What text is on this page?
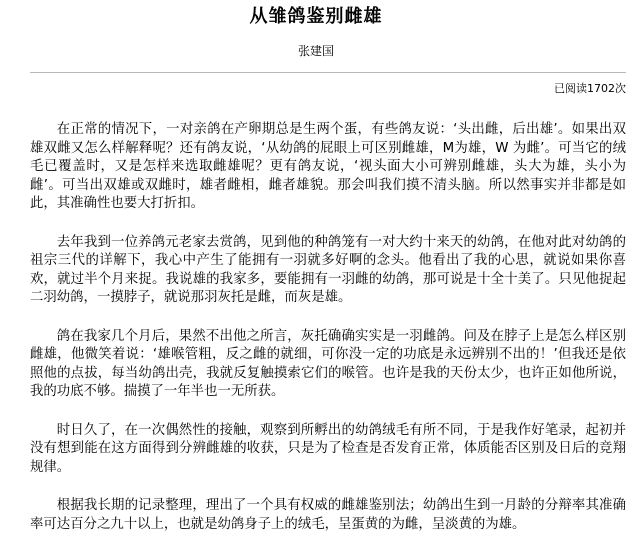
从雏鸽鉴别雌雄
张建国
已阅读1702次

在正常的情况下，一对亲鸽在产卵期总是生两个蛋，有些鸽友说：‘头出雌，后出雄’。如果出双雄双雌又怎么样解释呢？还有鸽友说，‘从幼鸽的屁眼上可区别雌雄，M为雄，W 为雌’。可当它的绒毛已覆盖时，又是怎样来选取雌雄呢？更有鸽友说，‘视头面大小可辨别雌雄，头大为雄，头小为雌’。可当出双雄或双雌时，雄者雌相，雌者雄貌。那会叫我们摸不清头脑。所以然事实并非都是如此，其准确性也要大打折扣。

去年我到一位养鸽元老家去赏鸽，见到他的种鸽笼有一对大约十来天的幼鸽，在他对此对幼鸽的祖宗三代的详解下，我心中产生了能拥有一羽就多好啊的念头。他看出了我的心思，就说如果你喜欢，就过半个月来捉。我说雄的我家多，要能拥有一羽雌的幼鸽，那可说是十全十美了。只见他捉起二羽幼鸽，一摸脖子，就说那羽灰托是雌，而灰是雄。

鸽在我家几个月后，果然不出他之所言，灰托确确实实是一羽雌鸽。问及在脖子上是怎么样区别雌雄，他微笑着说：‘雄喉管粗，反之雌的就细，可你没一定的功底是永远辨别不出的！’但我还是依照他的点拔，每当幼鸽出壳，我就反复触摸索它们的喉管。也许是我的天份太少，也许正如他所说，我的功底不够。揣摸了一年半也一无所获。

时日久了，在一次偶然性的接触，观察到所孵出的幼鸽绒毛有所不同，于是我作好笔录，起初并没有想到能在这方面得到分辨雌雄的收获，只是为了检查是否发育正常，体质能否区别及日后的竞翔规律。

根据我长期的记录整理，理出了一个具有权威的雌雄鉴别法；幼鸽出生到一月龄的分辩率其准确率可达百分之九十以上，也就是幼鸽身子上的绒毛，呈蛋黄的为雌，呈淡黄的为雄。
